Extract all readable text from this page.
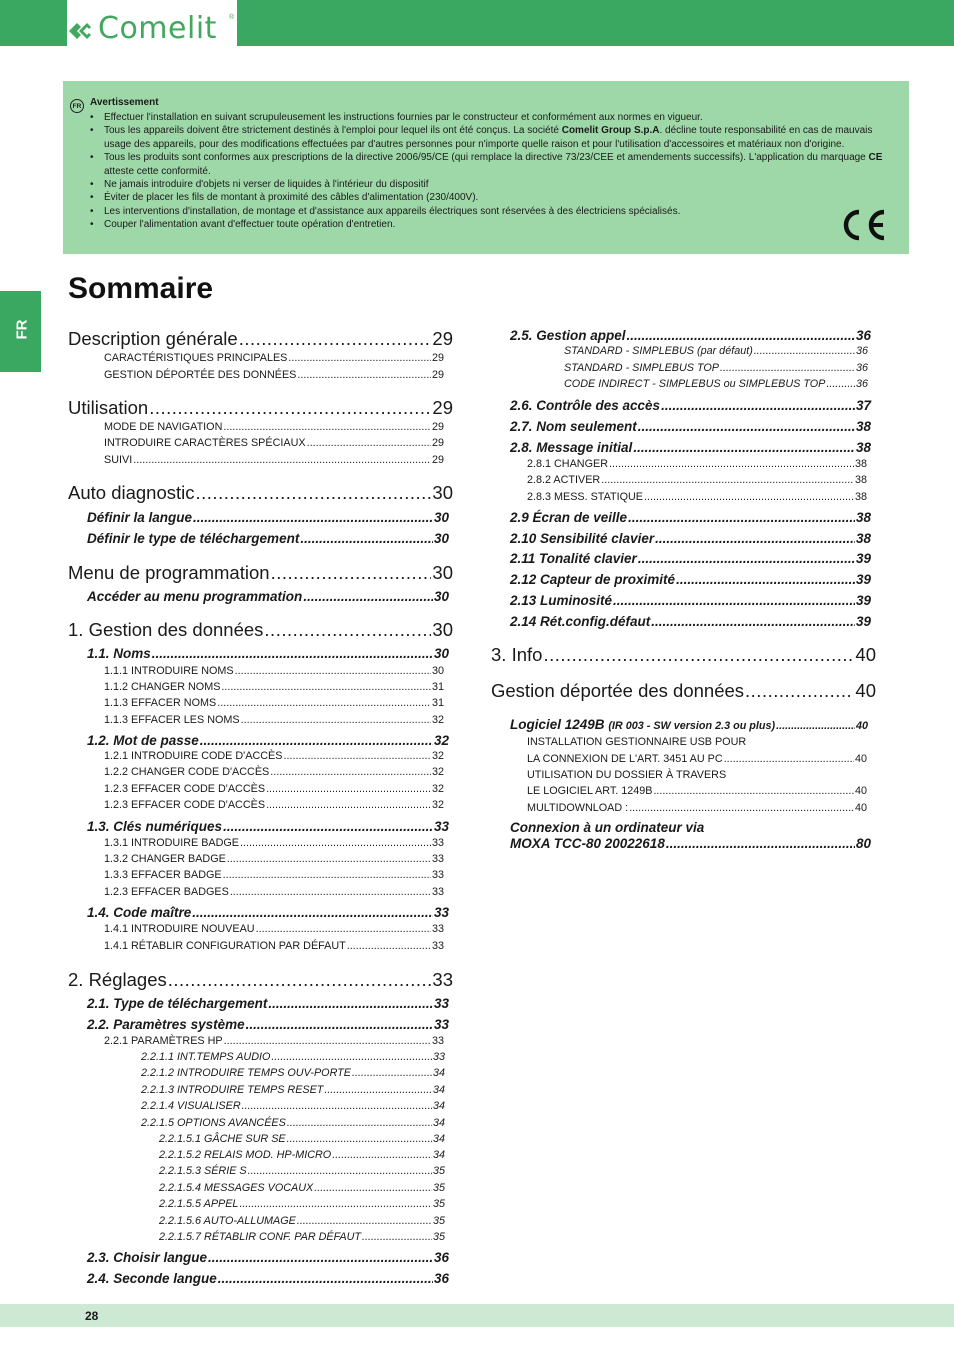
Comelit ®
FR Avertissement
• Effectuer l'installation en suivant scrupuleusement les instructions fournies par le constructeur et conformément aux normes en vigueur.
• Tous les appareils doivent être strictement destinés à l'emploi pour lequel ils ont été conçus. La société Comelit Group S.p.A. décline toute responsabilité en cas de mauvais usage des appareils, pour des modifications effectuées par d'autres personnes pour n'importe quelle raison et pour l'utilisation d'accessoires et matériaux non d'origine.
• Tous les produits sont conformes aux prescriptions de la directive 2006/95/CE (qui remplace la directive 73/23/CEE et amendements successifs). L'application du marquage CE atteste cette conformité.
• Ne jamais introduire d'objets ni verser de liquides à l'intérieur du dispositif
• Éviter de placer les fils de montant à proximité des câbles d'alimentation (230/400V).
• Les interventions d'installation, de montage et d'assistance aux appareils électriques sont réservées à des électriciens spécialisés.
• Couper l'alimentation avant d'effectuer toute opération d'entretien.
FR
Sommaire
Description générale .....	29
CARACTÉRISTIQUES PRINCIPALES .....	29
GESTION DÉPORTÉE DES DONNÉES .....	29
Utilisation .....	29
MODE DE NAVIGATION .....	29
INTRODUIRE CARACTÈRES SPÉCIAUX .....	29
SUIVI .....	29
Auto diagnostic .....	30
Définir la langue .....	30
Définir le type de téléchargement .....	30
Menu de programmation .....	30
Accéder au menu programmation .....	30
1. Gestion des données .....	30
1.1. Noms .....	30
1.1.1 INTRODUIRE NOMS .....	30
1.1.2 CHANGER NOMS .....	31
1.1.3 EFFACER NOMS .....	31
1.1.3 EFFACER LES NOMS .....	32
1.2. Mot de passe .....	32
1.2.1 INTRODUIRE CODE D'ACCÈS .....	32
1.2.2 CHANGER CODE D'ACCÈS .....	32
1.2.3 EFFACER CODE D'ACCÈS .....	32
1.2.3 EFFACER CODE D'ACCÈS .....	32
1.3. Clés numériques .....	33
1.3.1 INTRODUIRE BADGE .....	33
1.3.2 CHANGER BADGE .....	33
1.3.3 EFFACER BADGE .....	33
1.2.3 EFFACER BADGES .....	33
1.4. Code maître .....	33
1.4.1 INTRODUIRE NOUVEAU .....	33
1.4.1 RÉTABLIR CONFIGURATION PAR DÉFAUT .....	33
2. Réglages .....	33
2.1. Type de téléchargement .....	33
2.2. Paramètres système .....	33
2.2.1 PARAMÈTRES HP .....	33
2.2.1.1 INT.TEMPS AUDIO .....	33
2.2.1.2 INTRODUIRE TEMPS OUV-PORTE .....	34
2.2.1.3 INTRODUIRE TEMPS RESET .....	34
2.2.1.4 VISUALISER .....	34
2.2.1.5 OPTIONS AVANCÉES .....	34
2.2.1.5.1 GÂCHE SUR SE .....	34
2.2.1.5.2 RELAIS MOD. HP-MICRO .....	34
2.2.1.5.3 SÉRIE S .....	35
2.2.1.5.4 MESSAGES VOCAUX .....	35
2.2.1.5.5 APPEL .....	35
2.2.1.5.6 AUTO-ALLUMAGE .....	35
2.2.1.5.7 RÉTABLIR CONF. PAR DÉFAUT .....	35
2.3. Choisir langue .....	36
2.4. Seconde langue .....	36
2.5. Gestion appel .....	36
STANDARD - SIMPLEBUS (par défaut) .....	36
STANDARD - SIMPLEBUS TOP .....	36
CODE INDIRECT - SIMPLEBUS ou SIMPLEBUS TOP .....	36
2.6. Contrôle des accès .....	37
2.7. Nom seulement .....	38
2.8. Message initial .....	38
2.8.1 CHANGER .....	38
2.8.2 ACTIVER .....	38
2.8.3 MESS. STATIQUE .....	38
2.9 Écran de veille .....	38
2.10 Sensibilité clavier .....	38
2.11 Tonalité clavier .....	39
2.12 Capteur de proximité .....	39
2.13 Luminosité .....	39
2.14 Rét.config.défaut .....	39
3. Info .....	40
Gestion déportée des données .....	40
Logiciel 1249B (IR 003 - SW version 2.3 ou plus) .....	40
INSTALLATION GESTIONNAIRE USB POUR
LA CONNEXION DE L'ART. 3451 AU PC .....	40
UTILISATION DU DOSSIER À TRAVERS
LE LOGICIEL ART. 1249B .....	40
MULTIDOWNLOAD : .....	40
Connexion à un ordinateur via
MOXA TCC-80 20022618 .....	80
28
